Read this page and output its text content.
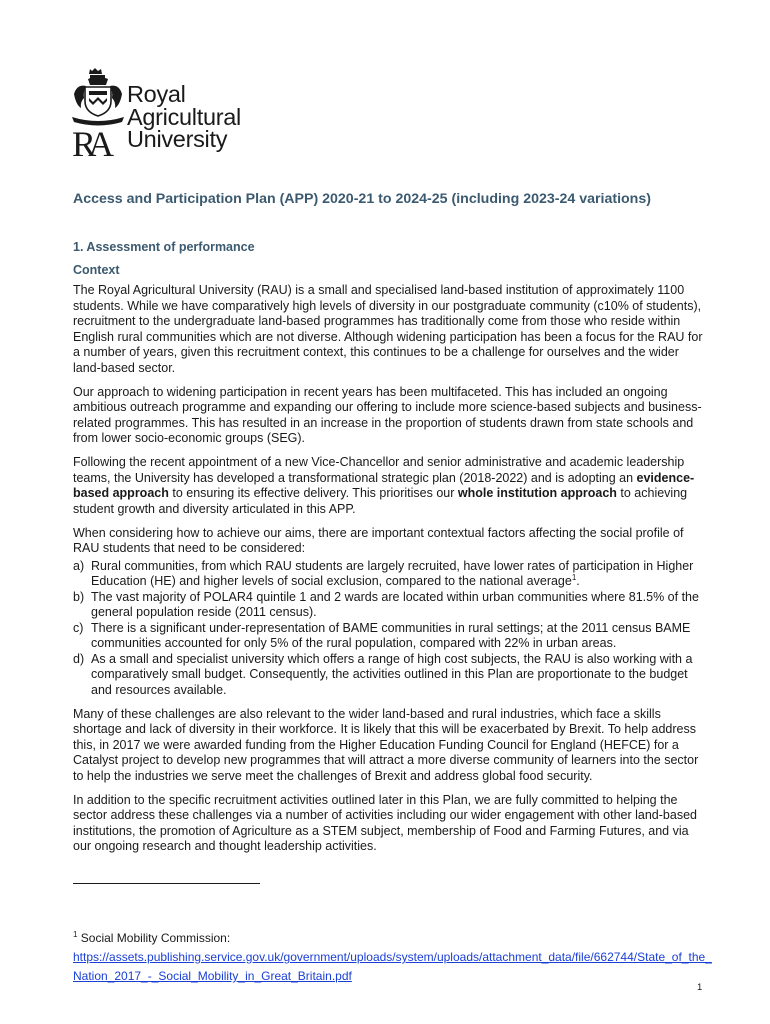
RA
Royal
Agricultural
University
Access and Participation Plan (APP) 2020-21 to 2024-25 (including 2023-24 variations)
1. Assessment of performance
Context

The Royal Agricultural University (RAU) is a small and specialised land-based institution of approximately 1100 students. While we have comparatively high levels of diversity in our postgraduate community (c10% of students), recruitment to the undergraduate land-based programmes has traditionally come from those who reside within English rural communities which are not diverse. Although widening participation has been a focus for the RAU for a number of years, given this recruitment context, this continues to be a challenge for ourselves and the wider land-based sector.

Our approach to widening participation in recent years has been multifaceted. This has included an ongoing ambitious outreach programme and expanding our offering to include more science-based subjects and business-related programmes. This has resulted in an increase in the proportion of students drawn from state schools and from lower socio-economic groups (SEG).

Following the recent appointment of a new Vice-Chancellor and senior administrative and academic leadership teams, the University has developed a transformational strategic plan (2018-2022) and is adopting an evidence-based approach to ensuring its effective delivery. This prioritises our whole institution approach to achieving student growth and diversity articulated in this APP.

When considering how to achieve our aims, there are important contextual factors affecting the social profile of RAU students that need to be considered:

a) Rural communities, from which RAU students are largely recruited, have lower rates of participation in Higher Education (HE) and higher levels of social exclusion, compared to the national average$^1$.
b) The vast majority of POLAR4 quintile 1 and 2 wards are located within urban communities where 81.5% of the general population reside (2011 census).
c) There is a significant under-representation of BAME communities in rural settings; at the 2011 census BAME communities accounted for only 5% of the rural population, compared with 22% in urban areas.
d) As a small and specialist university which offers a range of high cost subjects, the RAU is also working with a comparatively small budget. Consequently, the activities outlined in this Plan are proportionate to the budget and resources available.

Many of these challenges are also relevant to the wider land-based and rural industries, which face a skills shortage and lack of diversity in their workforce. It is likely that this will be exacerbated by Brexit. To help address this, in 2017 we were awarded funding from the Higher Education Funding Council for England (HEFCE) for a Catalyst project to develop new programmes that will attract a more diverse community of learners into the sector to help the industries we serve meet the challenges of Brexit and address global food security.

In addition to the specific recruitment activities outlined later in this Plan, we are fully committed to helping the sector address these challenges via a number of activities including our wider engagement with other land-based institutions, the promotion of Agriculture as a STEM subject, membership of Food and Farming Futures, and via our ongoing research and thought leadership activities.

$^1$ Social Mobility Commission:
https://assets.publishing.service.gov.uk/government/uploads/system/uploads/attachment_data/file/662744/State_of_the_Nation_2017_-_Social_Mobility_in_Great_Britain.pdf
1
